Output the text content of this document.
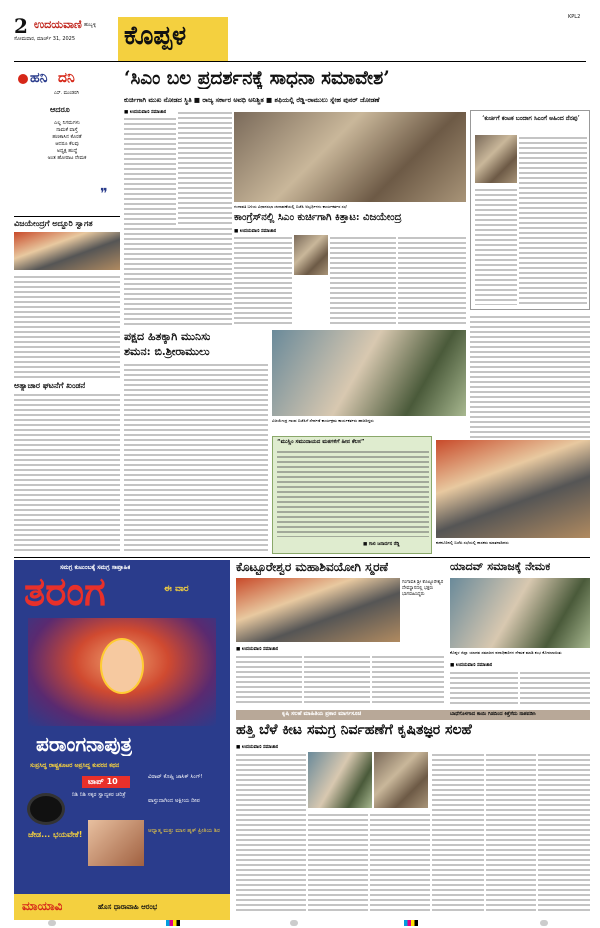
2 ಉದಯವಾಣಿ ಹುಬ್ಬಳ್ಳಿ
ಸೋಮವಾರ, ಮಾರ್ಚ್ 31, 2025 ಕೊಪ್ಪಳ
KPL2
ಹನಿ ದನಿ
ಎಸ್. ಮುಂಡರಗಿ
ಆದರೂ
ಎಲ್ಲ ನಿಗಮಗಳು
ನಾಮಕೆ ವಾಸ್ತೆ
ಹಣಕಾಸಿನ ಕೊರತೆ
ಆದರೂ ಕೆಲವು
ಅಧ್ಯಕ್ಷ ಹುದ್ದೆ
ಅಂತ ಹೋರಾಟ ನೇಮಕ
❞
ವಿಜಯೇಂದ್ರಗೆ ಅದ್ದೂರಿ ಸ್ವಾಗತ
ಅತ್ಯಾಚಾರ ಘಟನೆಗೆ ಖಂಡನೆ
‘ಸಿಎಂ ಬಲ ಪ್ರದರ್ಶನಕ್ಕೆ ಸಾಧನಾ ಸಮಾವೇಶ’
ಕುರ್ಚಿಗಾಗಿ ಮುಖ ನೋಡದ ಸ್ಥಿತಿ ■ ರಾಜ್ಯ ಸರ್ಕಾರ ಅವಧಿ ಅನಿಶ್ಚಿತ ■ ಶಫಿಯಲ್ಲಿ ರೆಡ್ಡಿ-ರಾಮುಲು ಸ್ನೇಹ ಪುನರ್ ಜೋಡಣೆ
■ ಉದಯವಾಣಿ ಸಮಾಚಾರ
ಗಂಗಾವತಿ ಬಳಿಯ ವಿಧಾನಸಭಾ ಚುನಾವಣೆಯಲ್ಲಿ ಬಿಜೆಪಿ ಅಭ್ಯರ್ಥಿಗಳು ಕಾರ್ಯಕರ್ತರ ಸಭೆ
‘ಕುರ್ಚಿಗೆ ಕಂಟಕ ಬಂದಾಗ ಸಿಎಂಗೆ ಅಹಿಂದ ನೆನಪು’
ಕಾಂಗ್ರೆಸ್‌ನಲ್ಲಿ ಸಿಎಂ ಕುರ್ಚಿಗಾಗಿ ಕಿತ್ತಾಟ: ವಿಜಯೇಂದ್ರ
■ ಉದಯವಾಣಿ ಸಮಾಚಾರ
ಪಕ್ಷದ ಹಿತಕ್ಕಾಗಿ ಮುನಿಸು
ಶಮನ: ಬಿ.ಶ್ರೀರಾಮುಲು
ವಿಜಯೇಂದ್ರ ಗಾಂವ ಬಿಜೆಪಿಗೆ ಸೇರ್ಪಡೆ ಕಾರ್ಯಕ್ರಮ ಕಾರ್ಯಕರ್ತರು ಹಾಜರಿದ್ದರು
“ಮುಸ್ಲಿಂ ಸಮುದಾಯದ ಮತಗಳಿಗೆ ಹೀನ ಕೆಲಸ”
■ ಗಾಲಿ ಜನಾರ್ದನ ರೆಡ್ಡಿ	ಕುಕನೂರಿನಲ್ಲಿ ಬಿಜೆಪಿ ಸಭೆಯಲ್ಲಿ ಶಾಸಕರು ಮಾತನಾಡಿದರು
ಸಮಗ್ರ ಕುಟುಂಬಕ್ಕೆ ಸಮಗ್ರ ಸಾಪ್ತಾಹಿಕ
ತರಂಗ	ಈ ವಾರ
ಪರಾಂಗನಾಪುತ್ರ
ಸುಪ್ರಸಿದ್ಧ ರಾಷ್ಟ್ರಕೂಟರ ಅಪ್ರಸಿದ್ಧ ಕುವರನ ಕಥನ
ಟಾಪ್ 10
ನಿಶಿ ನಿಶಿ ಸಕ್ಕರ ಸ್ವಾದ್ಯಕರ ಚರಿತ್ರೆ
ವಿರಾಟ್ ಕೊಹ್ಲಿ ಜಾಸಿಕ್ ಸಿಂಗ್!
ವಾಸ್ತುದಾಗಿಂದ ಅಕ್ಷೀಯ ದೀಪ
ಆಧ್ಯಾತ್ಮ ಮತ್ತು ಮಾಸ ಹೃಕ್ ಪ್ರೀತಿಯ ಶಿರ
ಜೇಡ... ಭಯವೇಕೆ!
ಮಾಯಾವಿ	ಹೊಸ ಧಾರಾವಾಹಿ ಆರಂಭ
ಕೊಟ್ಟೂರೇಶ್ವರ ಮಹಾಶಿವಯೋಗಿ ಸ್ಮರಣೆ
ಗಂಗಾವತಿ ಶ್ರೀ ಕೊಟ್ಟೂರೇಶ್ವರ ದೇವಸ್ಥಾನದಲ್ಲಿ ಭಕ್ತರು ಭಾಗವಹಿಸಿದ್ದರು
■ ಉದಯವಾಣಿ ಸಮಾಚಾರ
ಯಾದವ್ ಸಮಾಜಕ್ಕೆ ನೇಮಕ
ಕೊಪ್ಪಳ ಜಿಲ್ಲಾ ಯಾದವ ಸಮಾಜದ ಪದಾಧಿಕಾರಿಗಳ ನೇಮಕ ಮಾಡಿ ಶುಭ ಕೋರಲಾಯಿತು
■ ಉದಯವಾಣಿ ಸಮಾಚಾರ
ಕೃಷಿ ಸಲಹೆ ಮಾಹಿತಿಯ ಪ್ರಕಾರ ಮಾರ್ಗಸೂಚಿ	ಬಾಧೆಗೊಳಗಾದ ಕಾಯಿ ಗಿಡದಿಂದ ಕಿತ್ತೆಸೆದು ನಾಶಪಡಿಸಿ
ಹತ್ತಿ ಬೆಳೆ ಕೀಟ ಸಮಗ್ರ ನಿರ್ವಹಣೆಗೆ ಕೃಷಿತಜ್ಞರ ಸಲಹೆ
■ ಉದಯವಾಣಿ ಸಮಾಚಾರ
